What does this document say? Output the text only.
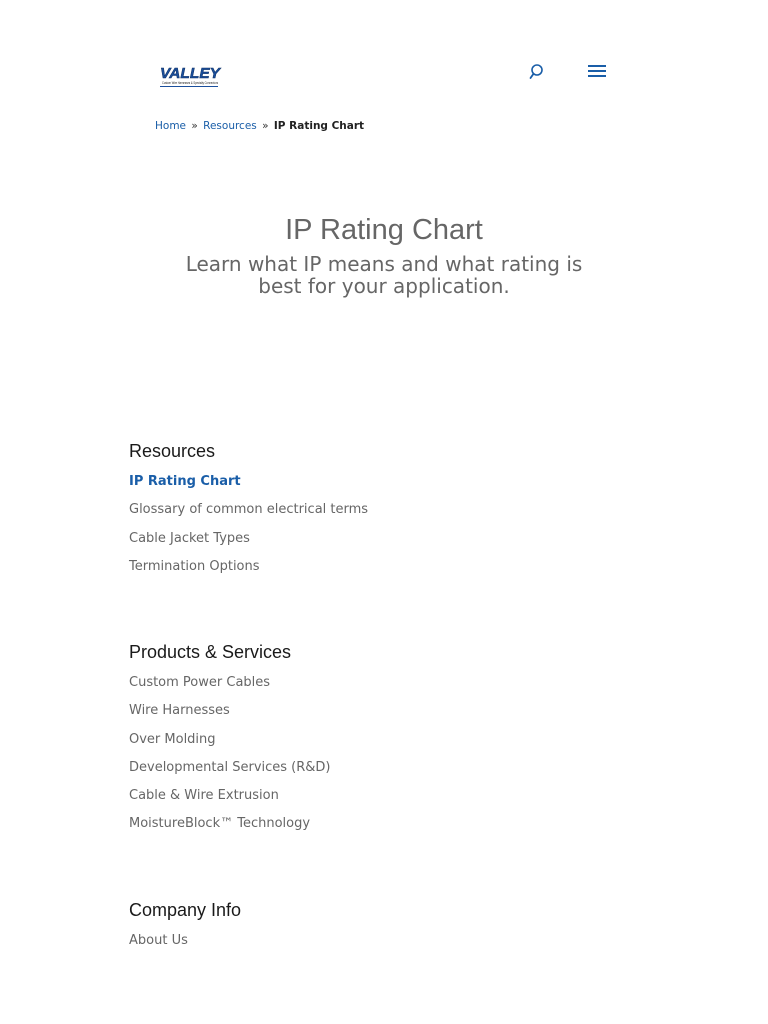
VALLEY
Custom Wire Harnesses & Specialty Connectors
Home » Resources » IP Rating Chart
IP Rating Chart

Learn what IP means and what rating is best for your application.

Resources
IP Rating Chart
Glossary of common electrical terms
Cable Jacket Types
Termination Options
Products & Services
Custom Power Cables
Wire Harnesses
Over Molding
Developmental Services (R&D)
Cable & Wire Extrusion
MoistureBlock™ Technology
Company Info
About Us
